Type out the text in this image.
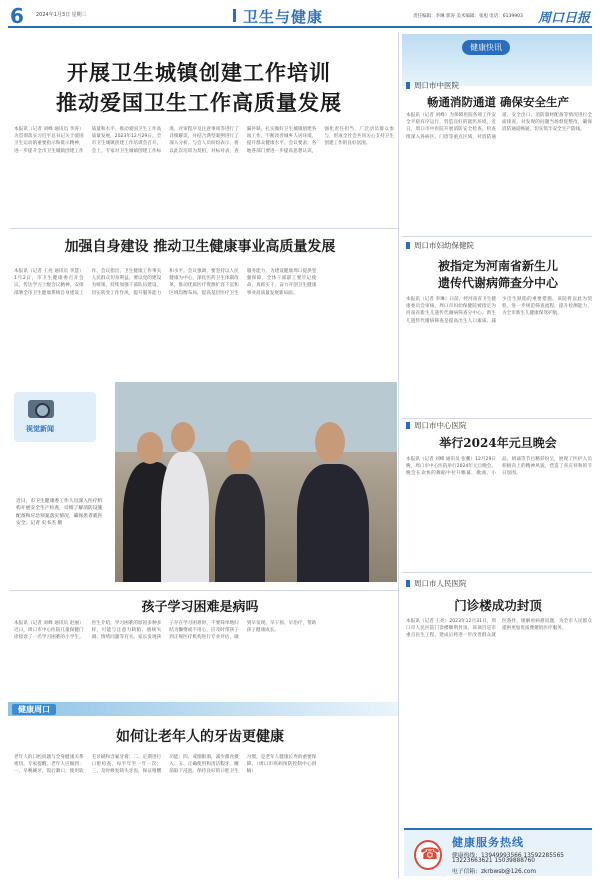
6 2024年1月3日 星期三	卫生与健康	责任编辑：李琳 郭涛 美术编辑：张旭 电话：6139903 周口日报
开展卫生城镇创建工作培训
推动爱国卫生工作高质量发展
本报讯（记者 刘峰 通讯员 李涛）为贯彻落实习近平总书记关于爱国卫生运动的重要指示和批示精神，进一步提升全市卫生城镇创建工作质量和水平，推动爱国卫生工作高质量发展，2023年12月29日，全市卫生城镇创建工作培训会召开。会上，专家对卫生城镇创建工作标准、评审程序及注意事项等进行了详细解读，并结合典型案例进行了深入分析。与会人员纷纷表示，将以此次培训为契机，对标对表，查漏补缺，扎实做好卫生城镇创建各项工作，不断改善城乡人居环境，提升群众健康水平。会议要求，各地各部门要进一步提高思想认识，强化责任担当，广泛动员群众参与，形成全社会共同关心支持卫生创建工作的良好氛围。
加强自身建设 推动卫生健康事业高质量发展
本报讯（记者 王亮 通讯员 李慧）1月2日，市卫生健康委召开会议，传达学习上级会议精神，安排部署全市卫生健康系统自身建设工作。会议指出，卫生健康工作事关人民群众切身利益，要以党的建设为统领，持续加强干部队伍建设，切实转变工作作风，提升服务能力和水平。会议强调，要坚持以人民健康为中心，深化医药卫生体制改革，推动优质医疗资源扩容下沉和区域均衡布局，提高基层医疗卫生服务能力，为建设健康周口提供坚强保障。全体干部职工要牢记使命，真抓实干，奋力开创卫生健康事业高质量发展新局面。
视觉新闻
近日，市卫生健康委工作人员深入医疗机构开展安全生产检查，详细了解消防设施配备和应急预案落实情况，确保患者就医安全。记者 史书杰 摄
孩子学习困难是病吗
本报讯（记者 刘峰 通讯员 赵丽）近日，周口市中心医院儿童保健门诊接诊了一名学习困难的小学生。医生介绍，学习困难的原因多种多样，可能与注意力缺陷、感统失调、情绪问题等有关。家长发现孩子存在学习困难时，不要简单地归结为懒惰或不用心，应及时带孩子到正规医疗机构进行专业评估，做到早发现、早干预、早治疗，帮助孩子健康成长。
健康周口
如何让老年人的牙齿更健康
老年人的口腔问题与全身健康关系密切。专家提醒，老年人应做到：一、早晚刷牙，饭后漱口，使用软毛牙刷和含氟牙膏；二、定期进行口腔检查，每半年至一年一次；三、及时修复缺失牙齿，保证咀嚼功能；四、戒烟限酒，减少甜食摄入；五、正确使用和清洁假牙，睡前取下浸泡。保持良好的口腔卫生习惯，是老年人健康长寿的重要保障。（周口市疾病预防控制中心供稿）
健康快讯
周口市中医院
畅通消防通道 确保安全生产
本报讯（记者 刘峰）为保障医院各项工作安全平稳有序运行，营造良好的就医环境，近日，周口市中医院开展消防安全检查。检查组深入各病区、门诊等重点区域，对消防通道、安全出口、消防器材配备等情况进行全面排查，对发现的问题当场督促整改，确保消防通道畅通，切实筑牢安全生产防线。
周口市妇幼保健院
被指定为河南省新生儿
遗传代谢病筛查分中心
本报讯（记者 李琳）日前，经河南省卫生健康委员会审核，周口市妇幼保健院被指定为河南省新生儿遗传代谢病筛查分中心。新生儿遗传代谢病筛查是提高出生人口素质、减少出生缺陷的重要措施。该院将以此为契机，进一步规范筛查流程，提升检测能力，为全市新生儿健康保驾护航。
周口市中心医院
举行2024年元旦晚会
本报讯（记者 刘峰 通讯员 张鹏）12月29日晚，周口市中心医院举行2024年元旦晚会。晚会在欢快的舞蹈中拉开帷幕，歌曲、小品、朗诵等节目精彩纷呈，展现了医护人员积极向上的精神风貌，营造了喜庆祥和的节日氛围。
周口市人民医院
门诊楼成功封顶
本报讯（记者 王亮）2023年12月31日，周口市人民医院门诊楼顺利封顶。该项目是市重点民生工程，建成后将进一步改善群众就医条件，缓解看病难问题，为全市人民群众提供更加优质便捷的医疗服务。
☎
健康服务热线
健康热线：13949993566 13592285565
13223663621 15039888760
电子信箱：zkrbwsb@126.com
